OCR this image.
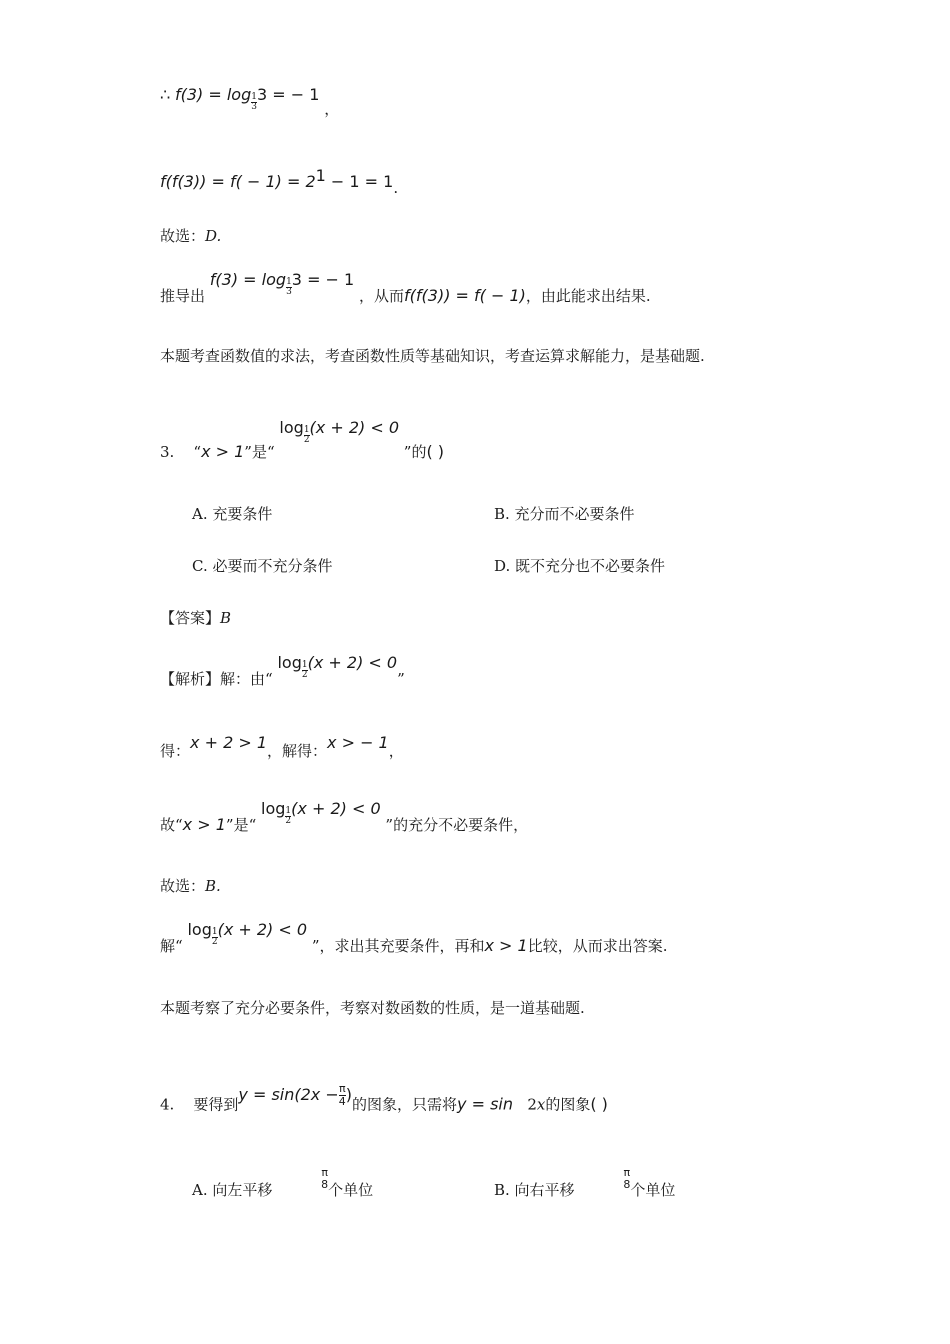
∴ $f(3) = \log \frac{1}{3} 3$ = − 1 ，
$f(f(3)) = f( - 1) = 2^1 - 1 = 1$.
故选：D.
推导出 $f(3) = \log \frac{1}{3} 3$ = − 1 ，从而f(f(3)) = f( − 1)，由此能求出结果.
本题考查函数值的求法，考查函数性质等基础知识，考查运算求解能力，是基础题.
3. “x > 1”是“ $\log \frac{1}{2} (x + 2) < 0$ ”的( )
A. 充要条件	B. 充分而不必要条件
C. 必要而不充分条件	D. 既不充分也不必要条件
【答案】B
【解析】解：由“ $\log \frac{1}{2} (x + 2) < 0$”
得：x + 2 > 1，解得：x > − 1，
故“x > 1”是“ $\log \frac{1}{2} (x + 2) < 0$ ”的充分不必要条件，
故选：B.
解“ $\log \frac{1}{2} (x + 2) < 0$ ”，求出其充要条件，再和x > 1比较，从而求出答案.
本题考察了充分必要条件，考察对数函数的性质，是一道基础题.
4. 要得到$y = \sin(2x - \frac{\pi}{4}$ )的图象，只需将y = sin 2x的图象( )
A. 向左平移
π
8 个单位	B. 向右平移
π
8 个单位
